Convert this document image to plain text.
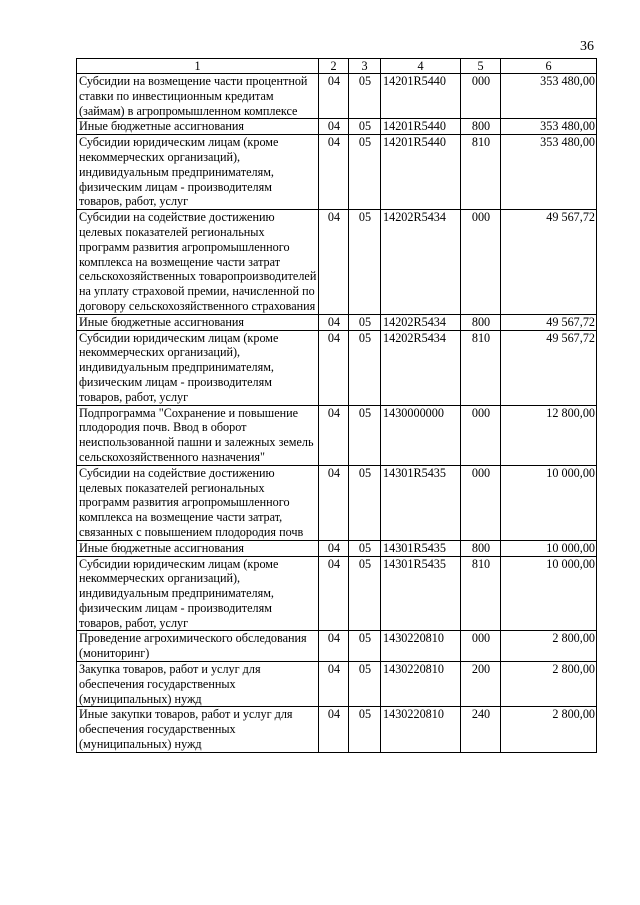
36
1	2	3	4	5	6
Субсидии на возмещение части процентной ставки по инвестиционным кредитам (займам) в агропромышленном комплексе	04	05	14201R5440	000	353 480,00
Иные бюджетные ассигнования	04	05	14201R5440	800	353 480,00
Субсидии юридическим лицам (кроме некоммерческих организаций), индивидуальным предпринимателям, физическим лицам - производителям товаров, работ, услуг	04	05	14201R5440	810	353 480,00
Субсидии на содействие достижению целевых показателей региональных программ развития агропромышленного комплекса на возмещение части затрат сельскохозяйственных товаропроизводителей на уплату страховой премии, начисленной по договору сельскохозяйственного страхования	04	05	14202R5434	000	49 567,72
Иные бюджетные ассигнования	04	05	14202R5434	800	49 567,72
Субсидии юридическим лицам (кроме некоммерческих организаций), индивидуальным предпринимателям, физическим лицам - производителям товаров, работ, услуг	04	05	14202R5434	810	49 567,72
Подпрограмма "Сохранение и повышение плодородия почв. Ввод в оборот неиспользованной пашни и залежных земель сельскохозяйственного назначения"	04	05	1430000000	000	12 800,00
Субсидии на содействие достижению целевых показателей региональных программ развития агропромышленного комплекса на возмещение части затрат, связанных с повышением плодородия почв	04	05	14301R5435	000	10 000,00
Иные бюджетные ассигнования	04	05	14301R5435	800	10 000,00
Субсидии юридическим лицам (кроме некоммерческих организаций), индивидуальным предпринимателям, физическим лицам - производителям товаров, работ, услуг	04	05	14301R5435	810	10 000,00
Проведение агрохимического обследования (мониторинг)	04	05	1430220810	000	2 800,00
Закупка товаров, работ и услуг для обеспечения государственных (муниципальных) нужд	04	05	1430220810	200	2 800,00
Иные закупки товаров, работ и услуг для обеспечения государственных (муниципальных) нужд	04	05	1430220810	240	2 800,00
